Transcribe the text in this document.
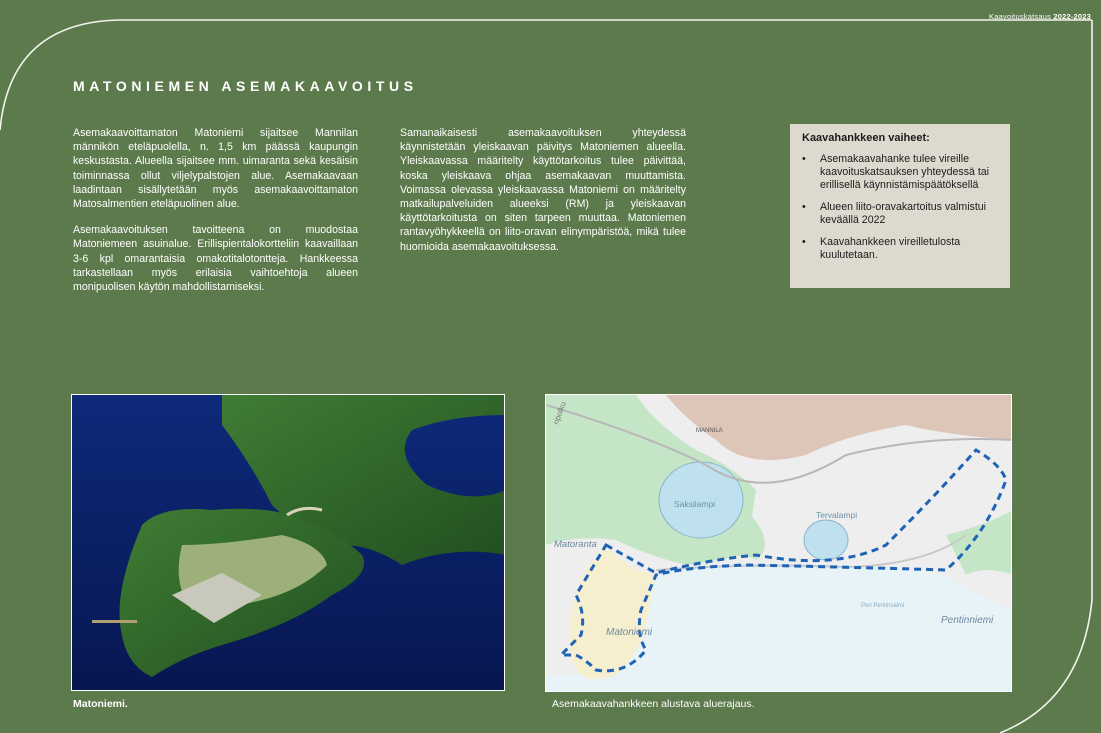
Kaavoituskatsaus 2022-2023
MATONIEMEN ASEMAKAAVOITUS

Asemakaavoittamaton Matoniemi sijaitsee Mannilan männikön eteläpuolella, n. 1,5 km päässä kaupungin keskustasta. Alueella sijaitsee mm. uimaranta sekä kesäisin toiminnassa ollut viljelypalstojen alue. Asemakaavaan laadintaan sisällytetään myös asemakaavoittamaton Matosalmentien eteläpuolinen alue.

Asemakaavoituksen tavoitteena on muodostaa Matoniemeen asuinalue. Erillispientalokortteliin kaavaillaan 3-6 kpl omarantaisia omakotitalotontteja. Hankkeessa tarkastellaan myös erilaisia vaihtoehtoja alueen monipuolisen käytön mahdollistamiseksi.

Samanaikaisesti asemakaavoituksen yhteydessä käynnistetään yleiskaavan päivitys Matoniemen alueella. Yleiskaavassa määritelty käyttötarkoitus tulee päivittää, koska yleiskaava ohjaa asemakaavan muuttamista. Voimassa olevassa yleiskaavassa Matoniemi on määritelty matkailupalveluiden alueeksi (RM) ja yleiskaavan käyttötarkoitusta on siten tarpeen muuttaa. Matoniemen rantavyöhykkeellä on liito-oravan elinympäristöä, mikä tulee huomioida asemakaavoituksessa.

Kaavahankkeen vaiheet:
• Asemakaavahanke tulee vireille kaavoituskatsauksen yhteydessä tai erillisellä käynnistämispäätöksellä
• Alueen liito-oravakartoitus valmistui keväällä 2022
• Kaavahankkeen vireilletulosta kuulutetaan.
MANNILA
Saksilampi
Tervalampi
Matoranta
Matoniemi
Pentinniemi
Peri Pentinsalmi
ripolku
Matoniemi.	Asemakaavahankkeen alustava aluerajaus.
